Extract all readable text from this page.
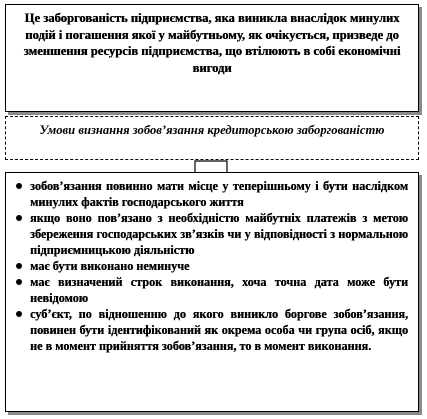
Це заборгованість підприємства, яка виникла внаслідок минулих подій і погашення якої у майбутньому, як очікується, призведе до зменшення ресурсів підприємства, що втілюють в собі економічні вигоди
Умови визнання зобов’язання кредиторською заборгованістю
зобов’язання повинно мати місце у теперішньому і бути наслідком минулих фактів господарського життя
якщо воно пов’язано з необхідністю майбутніх платежів з метою збереження господарських зв’язків чи у відповідності з нормальною підприємницькою діяльністю
має бути виконано неминуче
має визначений строк виконання, хоча точна дата може бути невідомою
суб’єкт, по відношенню до якого виникло боргове зобов’язання, повинен бути ідентифікований як окрема особа чи група осіб, якщо не в момент прийняття зобов’язання, то в момент виконання.
